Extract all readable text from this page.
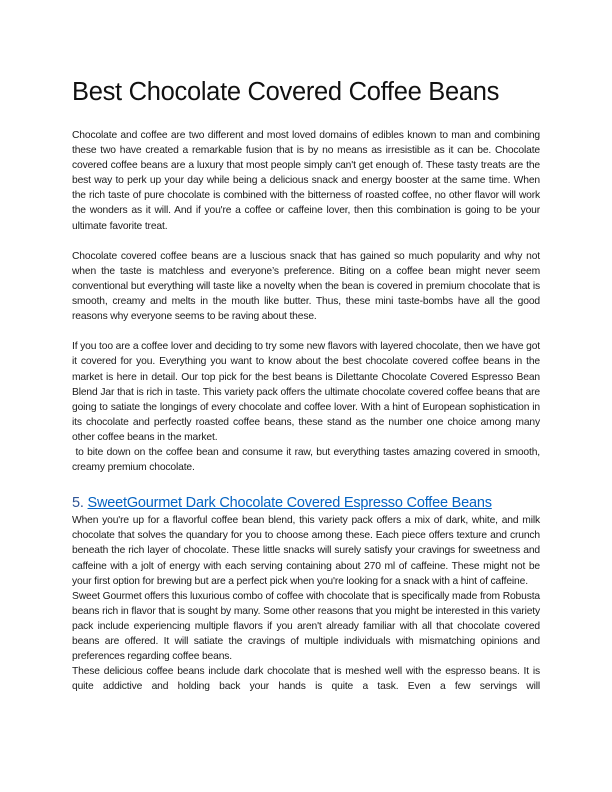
Best Chocolate Covered Coffee Beans

Chocolate and coffee are two different and most loved domains of edibles known to man and combining these two have created a remarkable fusion that is by no means as irresistible as it can be. Chocolate covered coffee beans are a luxury that most people simply can't get enough of. These tasty treats are the best way to perk up your day while being a delicious snack and energy booster at the same time. When the rich taste of pure chocolate is combined with the bitterness of roasted coffee, no other flavor will work the wonders as it will. And if you're a coffee or caffeine lover, then this combination is going to be your ultimate favorite treat.

Chocolate covered coffee beans are a luscious snack that has gained so much popularity and why not when the taste is matchless and everyone’s preference. Biting on a coffee bean might never seem conventional but everything will taste like a novelty when the bean is covered in premium chocolate that is smooth, creamy and melts in the mouth like butter. Thus, these mini taste-bombs have all the good reasons why everyone seems to be raving about these.

If you too are a coffee lover and deciding to try some new flavors with layered chocolate, then we have got it covered for you. Everything you want to know about the best chocolate covered coffee beans in the market is here in detail. Our top pick for the best beans is Dilettante Chocolate Covered Espresso Bean Blend Jar that is rich in taste. This variety pack offers the ultimate chocolate covered coffee beans that are going to satiate the longings of every chocolate and coffee lover. With a hint of European sophistication in its chocolate and perfectly roasted coffee beans, these stand as the number one choice among many other coffee beans in the market.

to bite down on the coffee bean and consume it raw, but everything tastes amazing covered in smooth, creamy premium chocolate.

5. SweetGourmet Dark Chocolate Covered Espresso Coffee Beans

When you're up for a flavorful coffee bean blend, this variety pack offers a mix of dark, white, and milk chocolate that solves the quandary for you to choose among these. Each piece offers texture and crunch beneath the rich layer of chocolate. These little snacks will surely satisfy your cravings for sweetness and caffeine with a jolt of energy with each serving containing about 270 ml of caffeine. These might not be your first option for brewing but are a perfect pick when you're looking for a snack with a hint of caffeine.

Sweet Gourmet offers this luxurious combo of coffee with chocolate that is specifically made from Robusta beans rich in flavor that is sought by many. Some other reasons that you might be interested in this variety pack include experiencing multiple flavors if you aren't already familiar with all that chocolate covered beans are offered. It will satiate the cravings of multiple individuals with mismatching opinions and preferences regarding coffee beans.

These delicious coffee beans include dark chocolate that is meshed well with the espresso beans. It is quite addictive and holding back your hands is quite a task. Even a few servings will
